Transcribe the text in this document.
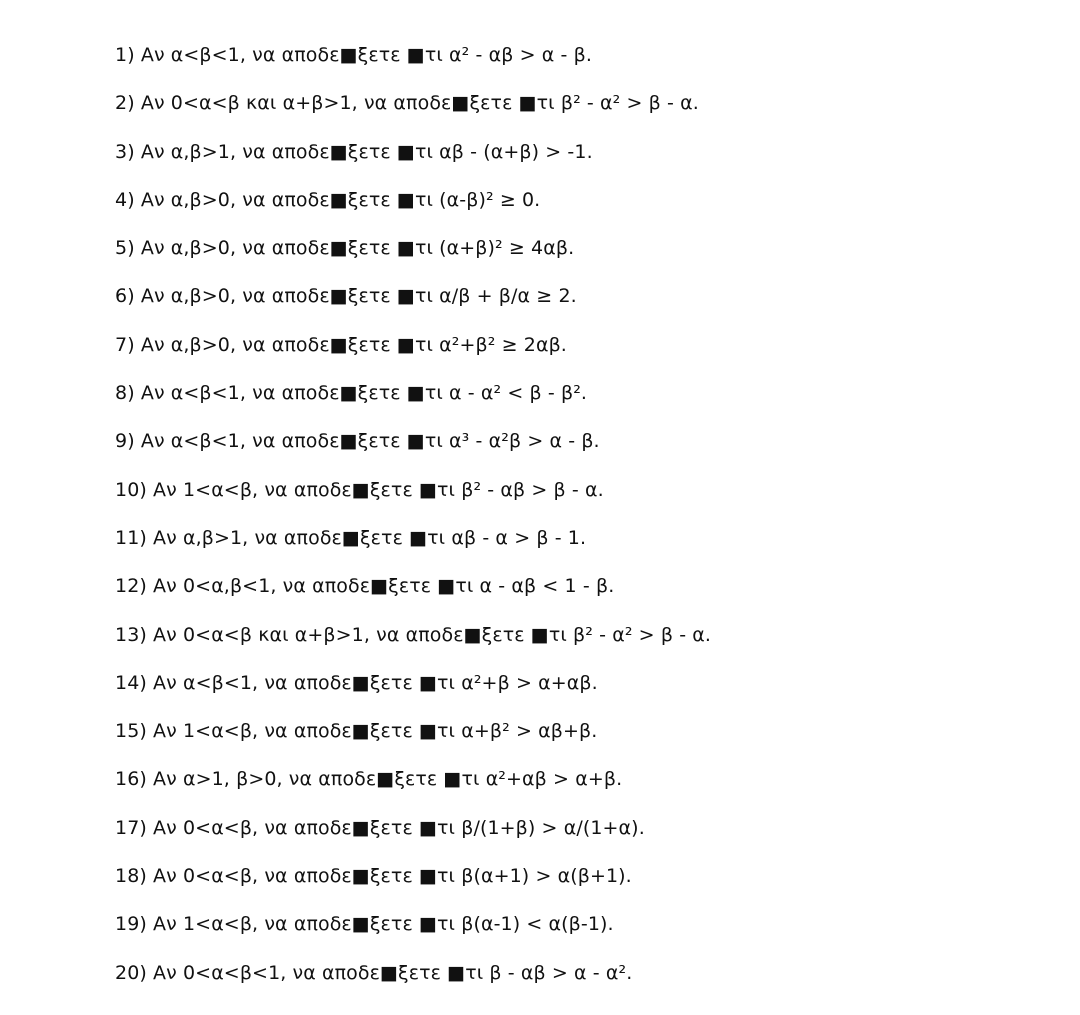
1) Αν α<β<1, να αποδε■ξετε ■τι α² - αβ > α - β.
2) Αν 0<α<β και α+β>1, να αποδε■ξετε ■τι β² - α² > β - α.
3) Αν α,β>1, να αποδε■ξετε ■τι αβ - (α+β) > -1.
4) Αν α,β>0, να αποδε■ξετε ■τι (α-β)² ≥ 0.
5) Αν α,β>0, να αποδε■ξετε ■τι (α+β)² ≥ 4αβ.
6) Αν α,β>0, να αποδε■ξετε ■τι α/β + β/α ≥ 2.
7) Αν α,β>0, να αποδε■ξετε ■τι α²+β² ≥ 2αβ.
8) Αν α<β<1, να αποδε■ξετε ■τι α - α² < β - β².
9) Αν α<β<1, να αποδε■ξετε ■τι α³ - α²β > α - β.
10) Αν 1<α<β, να αποδε■ξετε ■τι β² - αβ > β - α.
11) Αν α,β>1, να αποδε■ξετε ■τι αβ - α > β - 1.
12) Αν 0<α,β<1, να αποδε■ξετε ■τι α - αβ < 1 - β.
13) Αν 0<α<β και α+β>1, να αποδε■ξετε ■τι β² - α² > β - α.
14) Αν α<β<1, να αποδε■ξετε ■τι α²+β > α+αβ.
15) Αν 1<α<β, να αποδε■ξετε ■τι α+β² > αβ+β.
16) Αν α>1, β>0, να αποδε■ξετε ■τι α²+αβ > α+β.
17) Αν 0<α<β, να αποδε■ξετε ■τι β/(1+β) > α/(1+α).
18) Αν 0<α<β, να αποδε■ξετε ■τι β(α+1) > α(β+1).
19) Αν 1<α<β, να αποδε■ξετε ■τι β(α-1) < α(β-1).
20) Αν 0<α<β<1, να αποδε■ξετε ■τι β - αβ > α - α².
